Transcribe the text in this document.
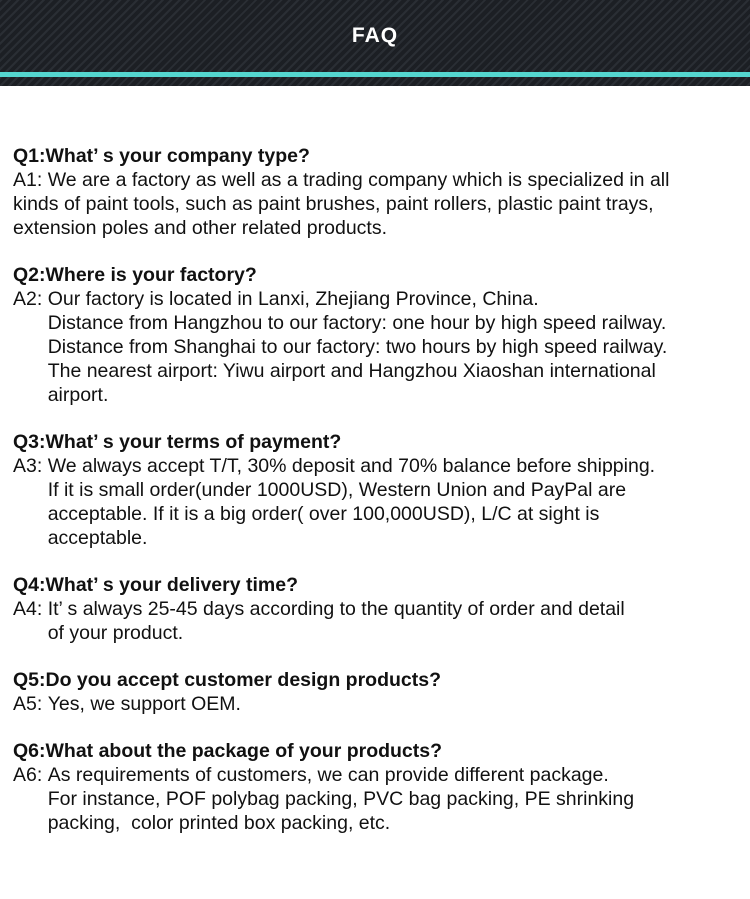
FAQ
Q1:What’ s your company type?
A1: We are a factory as well as a trading company which is specialized in all
kinds of paint tools, such as paint brushes, paint rollers, plastic paint trays,
extension poles and other related products.
Q2:Where is your factory?
A2: Our factory is located in Lanxi, Zhejiang Province, China.
Distance from Hangzhou to our factory: one hour by high speed railway.
Distance from Shanghai to our factory: two hours by high speed railway.
The nearest airport: Yiwu airport and Hangzhou Xiaoshan international
airport.
Q3:What’ s your terms of payment?
A3: We always accept T/T, 30% deposit and 70% balance before shipping.
If it is small order(under 1000USD), Western Union and PayPal are
acceptable. If it is a big order( over 100,000USD), L/C at sight is
acceptable.
Q4:What’ s your delivery time?
A4: It’ s always 25-45 days according to the quantity of order and detail
of your product.
Q5:Do you accept customer design products?
A5: Yes, we support OEM.
Q6:What about the package of your products?
A6: As requirements of customers, we can provide different package.
For instance, POF polybag packing, PVC bag packing, PE shrinking
packing,  color printed box packing, etc.
